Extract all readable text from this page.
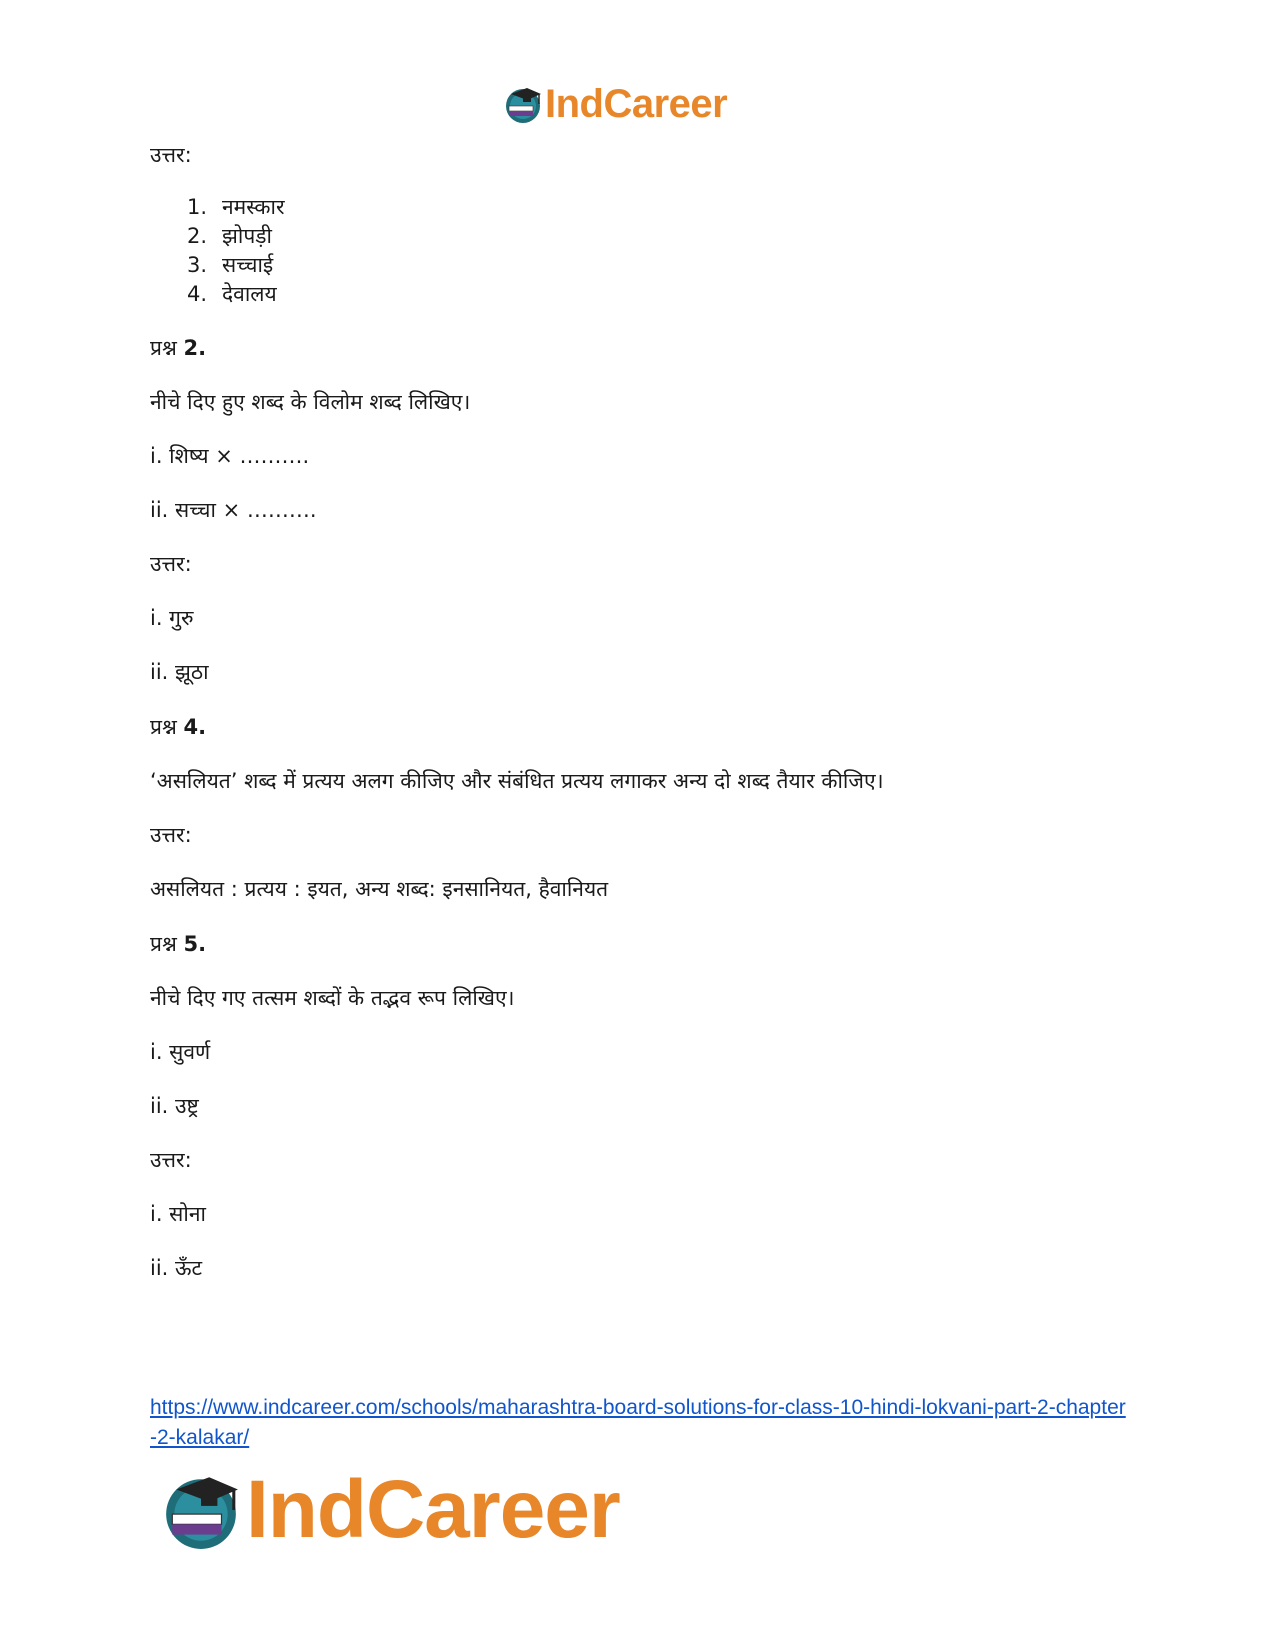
IndCareer
उत्तर:
1. नमस्कार
2. झोपड़ी
3. सच्चाई
4. देवालय
प्रश्न 2.
नीचे दिए हुए शब्द के विलोम शब्द लिखिए।
i. शिष्य × ……….
ii. सच्चा × ……….
उत्तर:
i. गुरु
ii. झूठा
प्रश्न 4.
‘असलियत’ शब्द में प्रत्यय अलग कीजिए और संबंधित प्रत्यय लगाकर अन्य दो शब्द तैयार कीजिए।
उत्तर:
असलियत : प्रत्यय : इयत, अन्य शब्द: इनसानियत, हैवानियत
प्रश्न 5.
नीचे दिए गए तत्सम शब्दों के तद्भव रूप लिखिए।
i. सुवर्ण
ii. उष्ट्र
उत्तर:
i. सोना
ii. ऊँट
https://www.indcareer.com/schools/maharashtra-board-solutions-for-class-10-hindi-lokvani-part-2-chapter-2-kalakar/
IndCareer
